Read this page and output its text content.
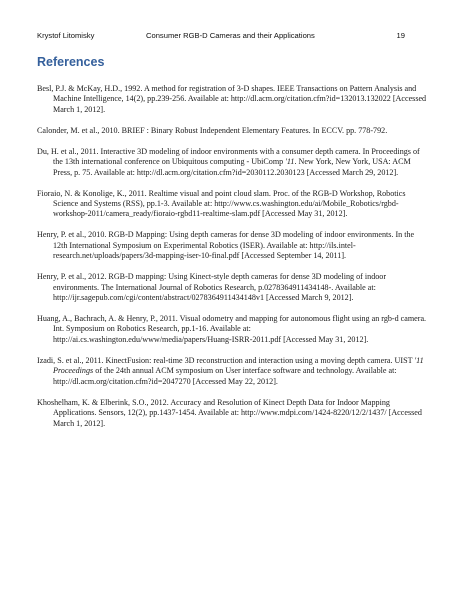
Krystof Litomisky	Consumer RGB-D Cameras and their Applications	19
References

Besl, P.J. & McKay, H.D., 1992. A method for registration of 3-D shapes. IEEE Transactions on Pattern Analysis and Machine Intelligence, 14(2), pp.239-256. Available at: http://dl.acm.org/citation.cfm?id=132013.132022 [Accessed March 1, 2012].

Calonder, M. et al., 2010. BRIEF : Binary Robust Independent Elementary Features. In ECCV. pp. 778-792.

Du, H. et al., 2011. Interactive 3D modeling of indoor environments with a consumer depth camera. In Proceedings of the 13th international conference on Ubiquitous computing - UbiComp '11. New York, New York, USA: ACM Press, p. 75. Available at: http://dl.acm.org/citation.cfm?id=2030112.2030123 [Accessed March 29, 2012].

Fioraio, N. & Konolige, K., 2011. Realtime visual and point cloud slam. Proc. of the RGB-D Workshop, Robotics Science and Systems (RSS), pp.1-3. Available at: http://www.cs.washington.edu/ai/Mobile_Robotics/rgbd-workshop-2011/camera_ready/fioraio-rgbd11-realtime-slam.pdf [Accessed May 31, 2012].

Henry, P. et al., 2010. RGB-D Mapping: Using depth cameras for dense 3D modeling of indoor environments. In the 12th International Symposium on Experimental Robotics (ISER). Available at: http://ils.intel-research.net/uploads/papers/3d-mapping-iser-10-final.pdf [Accessed September 14, 2011].

Henry, P. et al., 2012. RGB-D mapping: Using Kinect-style depth cameras for dense 3D modeling of indoor environments. The International Journal of Robotics Research, p.0278364911434148-. Available at: http://ijr.sagepub.com/cgi/content/abstract/0278364911434148v1 [Accessed March 9, 2012].

Huang, A., Bachrach, A. & Henry, P., 2011. Visual odometry and mapping for autonomous flight using an rgb-d camera. Int. Symposium on Robotics Research, pp.1-16. Available at: http://ai.cs.washington.edu/www/media/papers/Huang-ISRR-2011.pdf [Accessed May 31, 2012].

Izadi, S. et al., 2011. KinectFusion: real-time 3D reconstruction and interaction using a moving depth camera. UIST '11 Proceedings of the 24th annual ACM symposium on User interface software and technology. Available at: http://dl.acm.org/citation.cfm?id=2047270 [Accessed May 22, 2012].

Khoshelham, K. & Elberink, S.O., 2012. Accuracy and Resolution of Kinect Depth Data for Indoor Mapping Applications. Sensors, 12(2), pp.1437-1454. Available at: http://www.mdpi.com/1424-8220/12/2/1437/ [Accessed March 1, 2012].
